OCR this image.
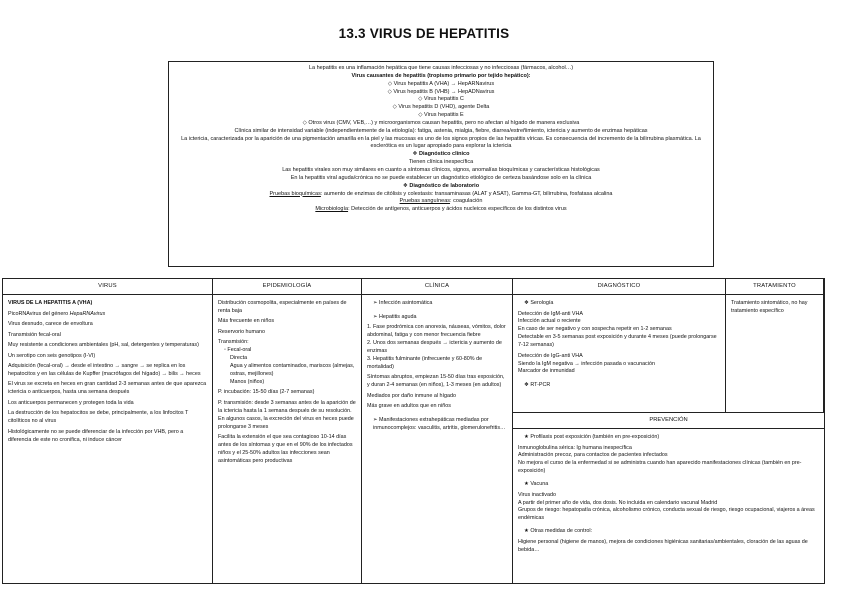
13.3 VIRUS DE HEPATITIS

La hepatitis es una inflamación hepática que tiene causas infecciosas y no infecciosas (fármacos, alcohol…)

Virus causantes de hepatitis (tropismo primario por tejido hepático):

◇ Virus hepatitis A (VHA) → HepARNavirus

◇ Virus hepatitis B (VHB) → HepADNavirus

◇ Virus hepatitis C

◇ Virus hepatitis D (VHD), agente Delta

◇ Virus hepatitis E

◇ Otros virus (CMV, VEB,…) y microorganismos causan hepatitis, pero no afectan al hígado de manera exclusiva

Clínica similar de intensidad variable (independientemente de la etiología): fatiga, astenia, mialgia, fiebre, diarrea/estreñimiento, ictericia y aumento de enzimas hepáticas

La ictericia, caracterizada por la aparición de una pigmentación amarilla en la piel y las mucosas es uno de los signos propios de las hepatitis víricas. Es consecuencia del incremento de la bilirrubina plasmática. La esclerótica es un lugar apropiado para explorar la ictericia

❖ Diagnóstico clínico

Tienen clínica inespecífica

Las hepatitis virales son muy similares en cuanto a síntomas clínicos, signos, anomalías bioquímicas y características histológicas

En la hepatitis viral aguda/crónica no se puede establecer un diagnóstico etiológico de certeza basándose solo en la clínica

❖ Diagnóstico de laboratorio

Pruebas bioquímicas: aumento de enzimas de citólisis y colestasis: transaminasas (ALAT y ASAT), Gamma-GT, bilirrubina, fosfatasa alcalina

Pruebas sanguíneas: coagulación

Microbiología: Detección de antígenos, anticuerpos y ácidos nucleicos específicos de los distintos virus

VIRUS

VIRUS DE LA HEPATITIS A (VHA)

PicoRNAvirus del género HepaRNAvirus

Virus desnudo, carece de envoltura

Transmisión fecal-oral

Muy resistente a condiciones ambientales (pH, sal, detergentes y temperaturas)

Un serotipo con seis genotipos (I-VI)

Adquisición (fecal-oral) → desde el intestino → sangre → se replica en los hepatocitos y en las células de Kupffer (macrófagos del hígado) → bilis → heces

El virus se excreta en heces en gran cantidad 2-3 semanas antes de que aparezca ictericia o anticuerpos, hasta una semana después

Los anticuerpos permanecen y protegen toda la vida

La destrucción de los hepatocitos se debe, principalmente, a los linfocitos T citolíticos no al virus

Histológicamente no se puede diferenciar de la infección por VHB, pero a diferencia de este no cronifica, ni induce cáncer

EPIDEMIOLOGÍA

Distribución cosmopolita, especialmente en países de renta baja

Más frecuente en niños

Reservorio humano

Transmisión:

◦ Fecal-oral

Directa

Agua y alimentos contaminados, mariscos (almejas, ostras, mejillones)

Manos (niños)

P. incubación: 15-50 días (2-7 semanas)

P. transmisión: desde 3 semanas antes de la aparición de la ictericia hasta la 1 semana después de su resolución.

En algunos casos, la excreción del virus en heces puede prolongarse 3 meses

Facilita la extensión el que sea contagioso 10-14 días antes de los síntomas y que en el 90% de los infectados niños y el 25-50% adultos las infecciones sean asintomáticas pero productivas

CLÍNICA

➢ Infección asintomática

➢ Hepatitis aguda

1. Fase prodrómica con anorexia, náuseas, vómitos, dolor abdominal, fatiga y con menor frecuencia fiebre

2. Unos dos semanas después → ictericia y aumento de enzimas

3. Hepatitis fulminante (infrecuente y 60-80% de mortalidad)

Síntomas abruptos, empiezan 15-50 días tras exposición, y duran 2-4 semanas (en niños), 1-3 meses (en adultos)

Mediados por daño inmune al hígado

Más grave en adultos que en niños

➢ Manifestaciones extrahepáticas mediadas por inmunocomplejos: vasculitis, artritis, glomerulonefritis…

DIAGNÓSTICO

❖ Serología

Detección de IgM-anti VHA

Infección actual o reciente

En caso de ser negativo y con sospecha repetir en 1-2 semanas

Detectable en 3-5 semanas post exposición y durante 4 meses (puede prolongarse 7-12 semanas)

Detección de IgG-anti VHA

Siendo la IgM negativa → infección pasada o vacunación

Marcador de inmunidad

❖ RT-PCR

TRATAMIENTO

Tratamiento sintomático, no hay tratamiento específico

PREVENCIÓN

★ Profilaxis post exposición (también en pre-exposición)

Inmunoglobulina sérica: Ig humana inespecífica

Administración precoz, para contactos de pacientes infectados

No mejora el curso de la enfermedad si se administra cuando han aparecido manifestaciones clínicas (también en pre-exposición)

★ Vacuna

Virus inactivado

A partir del primer año de vida, dos dosis. No incluida en calendario vacunal Madrid

Grupos de riesgo: hepatopatía crónica, alcoholismo crónico, conducta sexual de riesgo, riesgo ocupacional, viajeros a áreas endémicas

★ Otras medidas de control:

Higiene personal (higiene de manos), mejora de condiciones higiénicas sanitarias/ambientales, cloración de las aguas de bebida…
